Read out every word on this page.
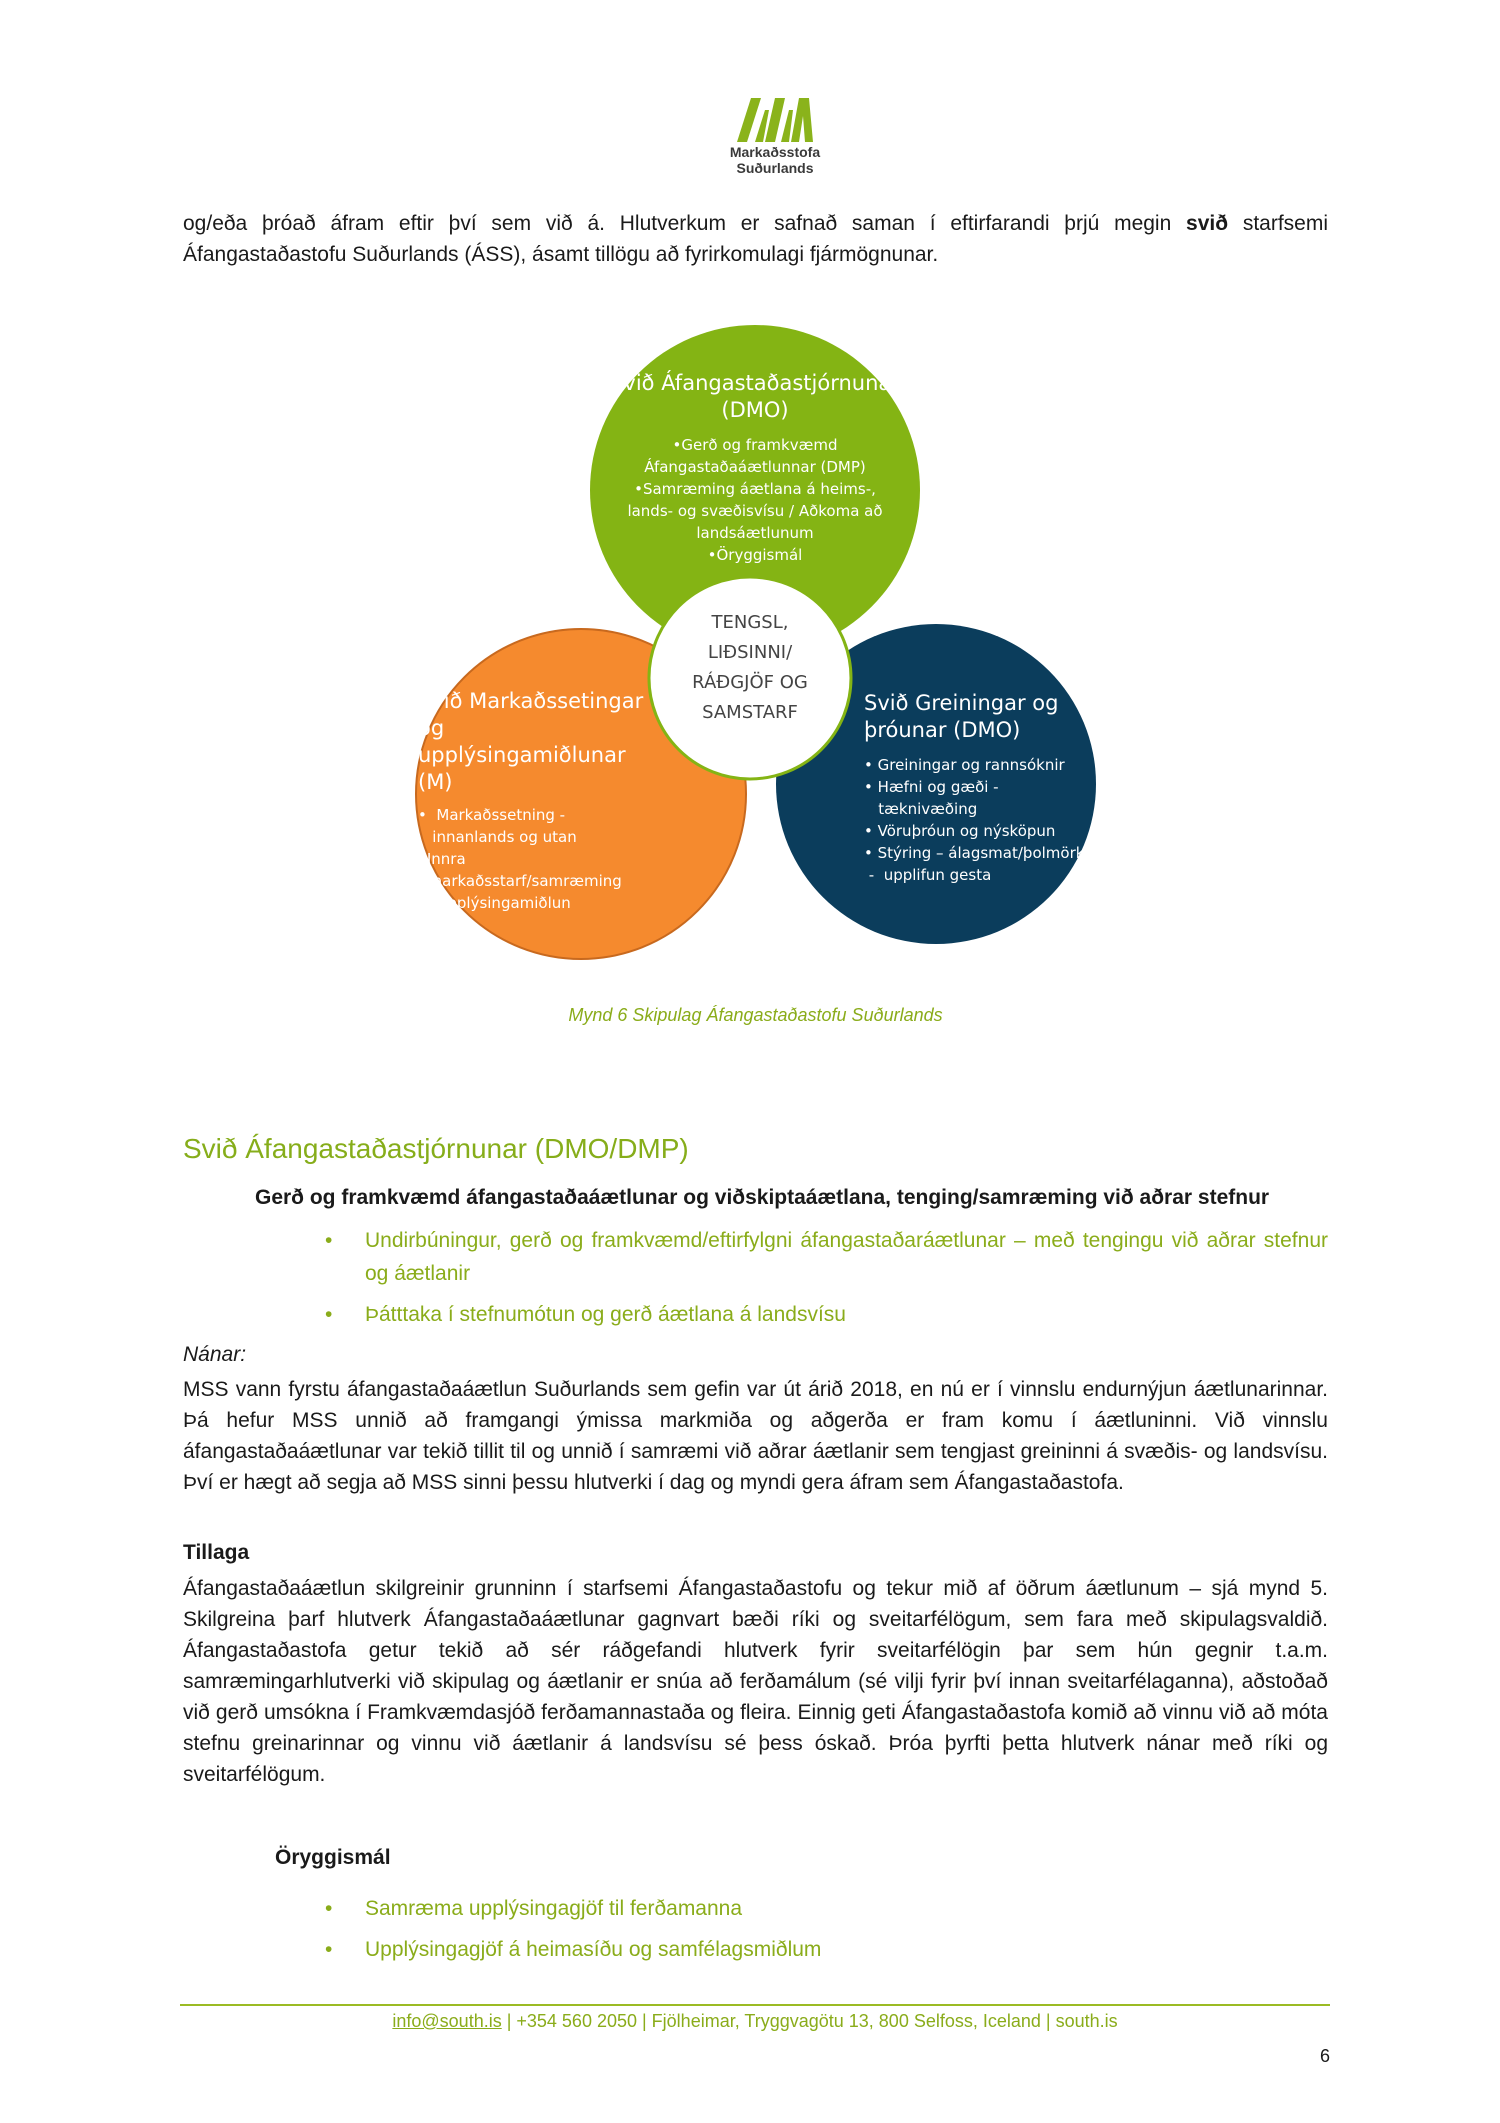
Markaðsstofa
Suðurlands
og/eða þróað áfram eftir því sem við á. Hlutverkum er safnað saman í eftirfarandi þrjú megin svið starfsemi Áfangastaðastofu Suðurlands (ÁSS), ásamt tillögu að fyrirkomulagi fjármögnunar.
Svið Áfangastaðastjórnunar
(DMO)
•Gerð og framkvæmd
Áfangastaðaáætlunnar (DMP)
•Samræming áætlana á heims-,
lands- og svæðisvísu / Aðkoma að
landsáætlunum
•Öryggismál
Svið Markaðssetingar
og upplýsingamiðlunar
(M)
•  Markaðssetning -
innanlands og utan
•Innra
markaðsstarf/samræming
•  Upplýsingamiðlun
Svið Greiningar og
þróunar (DMO)
• Greiningar og rannsóknir
• Hæfni og gæði -
tæknivæðing
• Vöruþróun og nýsköpun
• Stýring – álagsmat/þolmörk
-  upplifun gesta
TENGSL,
LIÐSINNI/
RÁÐGJÖF OG
SAMSTARF
Mynd 6 Skipulag Áfangastaðastofu Suðurlands
Svið Áfangastaðastjórnunar (DMO/DMP)
Gerð og framkvæmd áfangastaðaáætlunar og viðskiptaáætlana, tenging/samræming við aðrar stefnur
• Undirbúningur, gerð og framkvæmd/eftirfylgni áfangastaðaráætlunar – með tengingu við aðrar stefnur og áætlanir
• Þátttaka í stefnumótun og gerð áætlana á landsvísu
Nánar:
MSS vann fyrstu áfangastaðaáætlun Suðurlands sem gefin var út árið 2018, en nú er í vinnslu endurnýjun áætlunarinnar. Þá hefur MSS unnið að framgangi ýmissa markmiða og aðgerða er fram komu í áætluninni. Við vinnslu áfangastaðaáætlunar var tekið tillit til og unnið í samræmi við aðrar áætlanir sem tengjast greininni á svæðis- og landsvísu. Því er hægt að segja að MSS sinni þessu hlutverki í dag og myndi gera áfram sem Áfangastaðastofa.
Tillaga
Áfangastaðaáætlun skilgreinir grunninn í starfsemi Áfangastaðastofu og tekur mið af öðrum áætlunum – sjá mynd 5. Skilgreina þarf hlutverk Áfangastaðaáætlunar gagnvart bæði ríki og sveitarfélögum, sem fara með skipulagsvaldið. Áfangastaðastofa getur tekið að sér ráðgefandi hlutverk fyrir sveitarfélögin þar sem hún gegnir t.a.m. samræmingarhlutverki við skipulag og áætlanir er snúa að ferðamálum (sé vilji fyrir því innan sveitarfélaganna), aðstoðað við gerð umsókna í Framkvæmdasjóð ferðamannastaða og fleira. Einnig geti Áfangastaðastofa komið að vinnu við að móta stefnu greinarinnar og vinnu við áætlanir á landsvísu sé þess óskað. Þróa þyrfti þetta hlutverk nánar með ríki og sveitarfélögum.
Öryggismál
• Samræma upplýsingagjöf til ferðamanna
• Upplýsingagjöf á heimasíðu og samfélagsmiðlum
info@south.is | +354 560 2050 | Fjölheimar, Tryggvagötu 13, 800 Selfoss, Iceland | south.is
6
